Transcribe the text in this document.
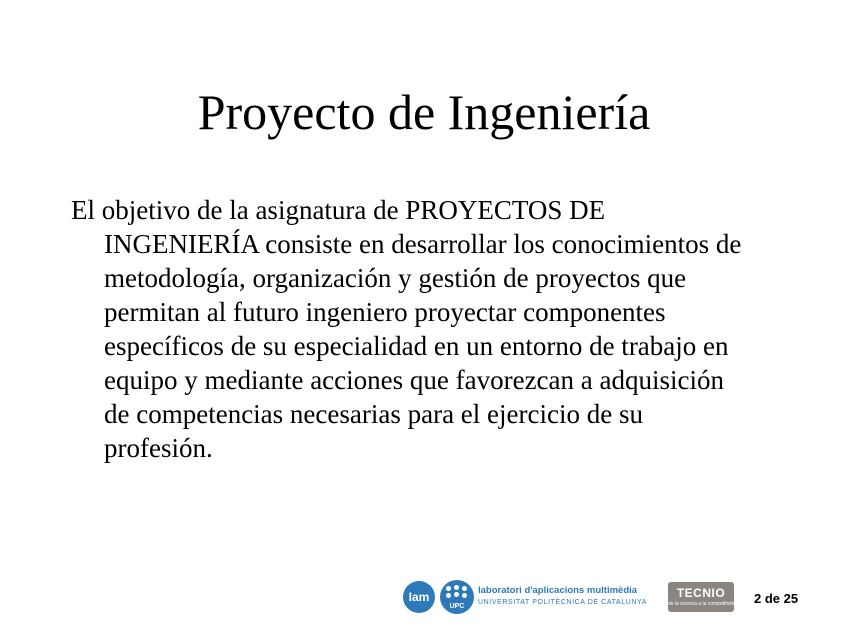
Proyecto de Ingeniería
El objetivo de la asignatura de PROYECTOS DE
INGENIERÍA consiste en desarrollar los conocimientos de
metodología, organización y gestión de proyectos que
permitan al futuro ingeniero proyectar componentes
específicos de su especialidad en un entorno de trabajo en
equipo y mediante acciones que favorezcan a adquisición
de competencias necesarias para el ejercicio de su
profesión.
Iam
UPC
laboratori d'aplicacions multimèdia
UNIVERSITAT POLITÈCNICA DE CATALUNYA
TECNIO
de la recerca a la competitivitat 2 de 25
